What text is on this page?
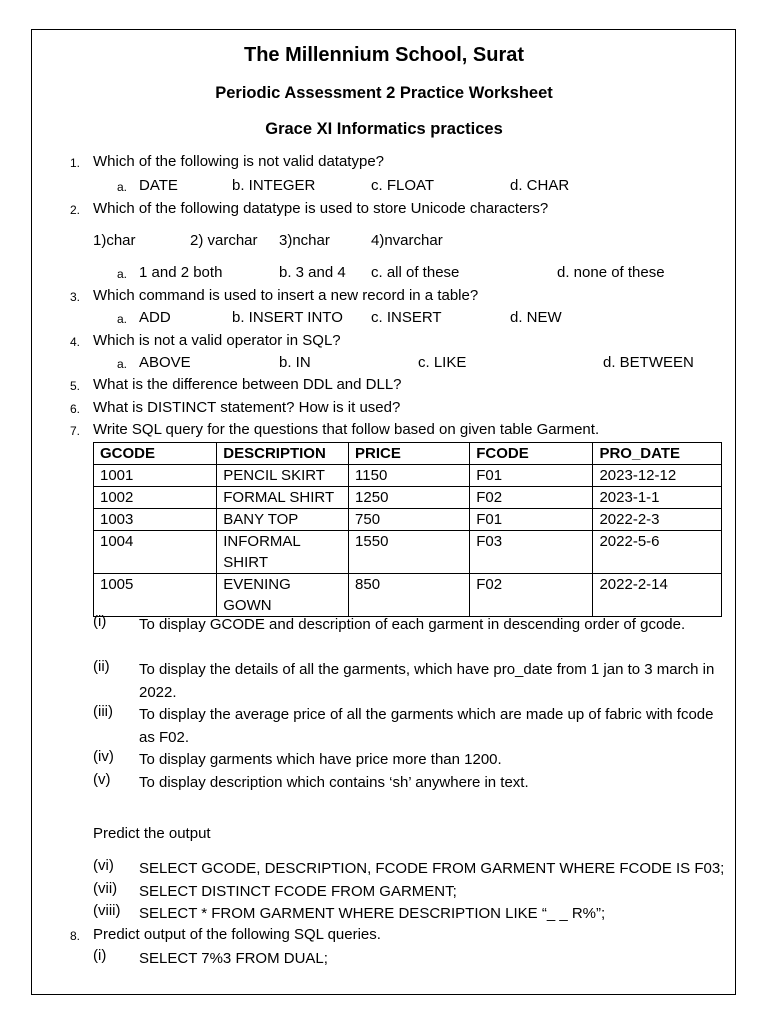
The Millennium School, Surat
Periodic Assessment 2 Practice Worksheet
Grace XI Informatics practices
1. Which of the following is not valid datatype?
a. DATE	b. INTEGER	c. FLOAT	d. CHAR
2. Which of the following datatype is used to store Unicode characters?
1)char	2) varchar 3)nchar	4)nvarchar
a. 1 and 2 both	b. 3 and 4 c. all of these	d. none of these
3. Which command is used to insert a new record in a table?
a. ADD	b. INSERT INTO c. INSERT	d. NEW
4. Which is not a valid operator in SQL?
a. ABOVE	b. IN	c. LIKE	d. BETWEEN
5. What is the difference between DDL and DLL?
6. What is DISTINCT statement? How is it used?
7. Write SQL query for the questions that follow based on given table Garment.
GCODE	DESCRIPTION	PRICE	FCODE	PRO_DATE
1001	PENCIL SKIRT	1150	F01	2023-12-12
1002	FORMAL SHIRT	1250	F02	2023-1-1
1003	BANY TOP	750	F01	2022-2-3
1004	INFORMAL SHIRT	1550	F03	2022-5-6
1005	EVENING GOWN	850	F02	2022-2-14
(i)	To display GCODE and description of each garment in descending order of gcode.
(ii)	To display the details of all the garments, which have pro_date from 1 jan to 3 march in 2022.
(iii)	To display the average price of all the garments which are made up of fabric with fcode as F02.
(iv)	To display garments which have price more than 1200.
(v)	To display description which contains ‘sh’ anywhere in text.
Predict the output
(vi)	SELECT GCODE, DESCRIPTION, FCODE FROM GARMENT WHERE FCODE IS F03;
(vii)	SELECT DISTINCT FCODE FROM GARMENT;
(viii)	SELECT * FROM GARMENT WHERE DESCRIPTION LIKE “_ _ R%”;
8. Predict output of the following SQL queries.
(i)	SELECT 7%3 FROM DUAL;
